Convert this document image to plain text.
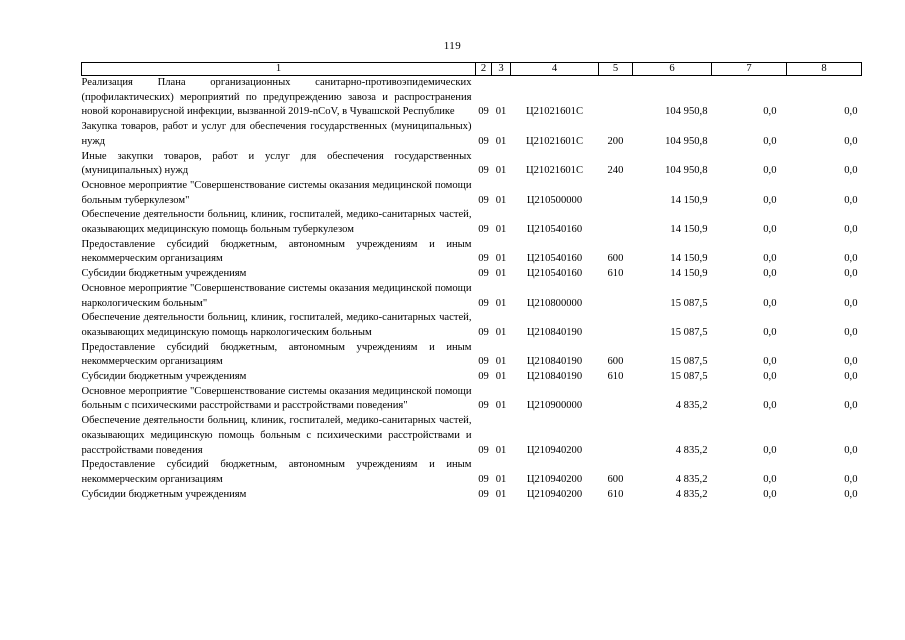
119
1	2	3	4	5	6	7	8
Реализация Плана организационных санитарно-противоэпидемических (профилактических) мероприятий по предупреждению завоза и распространения новой коронавирусной инфекции, вызванной 2019-nCoV, в Чувашской Республике	09	01	Ц21021601С		104 950,8	0,0	0,0
Закупка товаров, работ и услуг для обеспечения государственных (муниципальных) нужд	09	01	Ц21021601С	200	104 950,8	0,0	0,0
Иные закупки товаров, работ и услуг для обеспечения государственных (муниципальных) нужд	09	01	Ц21021601С	240	104 950,8	0,0	0,0
Основное мероприятие "Совершенствование системы оказания медицинской помощи больным туберкулезом"	09	01	Ц210500000		14 150,9	0,0	0,0
Обеспечение деятельности больниц, клиник, госпиталей, медико-санитарных частей, оказывающих медицинскую помощь больным туберкулезом	09	01	Ц210540160		14 150,9	0,0	0,0
Предоставление субсидий бюджетным, автономным учреждениям и иным некоммерческим организациям	09	01	Ц210540160	600	14 150,9	0,0	0,0
Субсидии бюджетным учреждениям	09	01	Ц210540160	610	14 150,9	0,0	0,0
Основное мероприятие "Совершенствование системы оказания медицинской помощи наркологическим больным"	09	01	Ц210800000		15 087,5	0,0	0,0
Обеспечение деятельности больниц, клиник, госпиталей, медико-санитарных частей, оказывающих медицинскую помощь наркологическим больным	09	01	Ц210840190		15 087,5	0,0	0,0
Предоставление субсидий бюджетным, автономным учреждениям и иным некоммерческим организациям	09	01	Ц210840190	600	15 087,5	0,0	0,0
Субсидии бюджетным учреждениям	09	01	Ц210840190	610	15 087,5	0,0	0,0
Основное мероприятие "Совершенствование системы оказания медицинской помощи больным с психическими расстройствами и расстройствами поведения"	09	01	Ц210900000		4 835,2	0,0	0,0
Обеспечение деятельности больниц, клиник, госпиталей, медико-санитарных частей, оказывающих медицинскую помощь больным с психическими расстройствами и расстройствами поведения	09	01	Ц210940200		4 835,2	0,0	0,0
Предоставление субсидий бюджетным, автономным учреждениям и иным некоммерческим организациям	09	01	Ц210940200	600	4 835,2	0,0	0,0
Субсидии бюджетным учреждениям	09	01	Ц210940200	610	4 835,2	0,0	0,0
